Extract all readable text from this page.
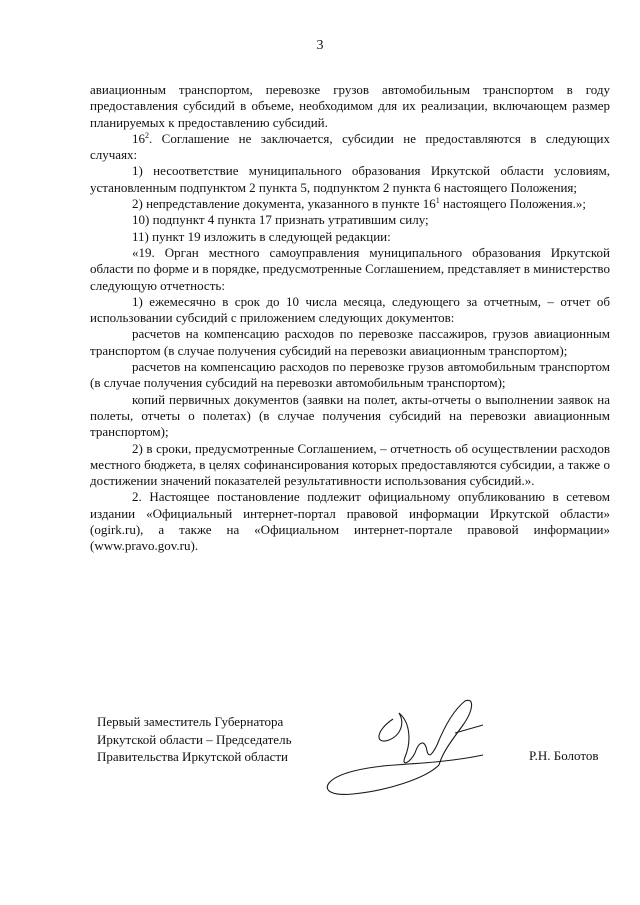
3

авиационным транспортом, перевозке грузов автомобильным транспортом в году предоставления субсидий в объеме, необходимом для их реализации, включающем размер планируемых к предоставлению субсидий.

$16^2$. Соглашение не заключается, субсидии не предоставляются в следующих случаях:

1) несоответствие муниципального образования Иркутской области условиям, установленным подпунктом 2 пункта 5, подпунктом 2 пункта 6 настоящего Положения;

2) непредставление документа, указанного в пункте $16^1$ настоящего Положения.»;

10) подпункт 4 пункта 17 признать утратившим силу;

11) пункт 19 изложить в следующей редакции:

«19. Орган местного самоуправления муниципального образования Иркутской области по форме и в порядке, предусмотренные Соглашением, представляет в министерство следующую отчетность:

1) ежемесячно в срок до 10 числа месяца, следующего за отчетным, – отчет об использовании субсидий с приложением следующих документов:

расчетов на компенсацию расходов по перевозке пассажиров, грузов авиационным транспортом (в случае получения субсидий на перевозки авиационным транспортом);

расчетов на компенсацию расходов по перевозке грузов автомобильным транспортом (в случае получения субсидий на перевозки автомобильным транспортом);

копий первичных документов (заявки на полет, акты-отчеты о выполнении заявок на полеты, отчеты о полетах) (в случае получения субсидий на перевозки авиационным транспортом);

2) в сроки, предусмотренные Соглашением, – отчетность об осуществлении расходов местного бюджета, в целях софинансирования которых предоставляются субсидии, а также о достижении значений показателей результативности использования субсидий.».

2. Настоящее постановление подлежит официальному опубликованию в сетевом издании «Официальный интернет-портал правовой информации Иркутской области» (ogirk.ru), а также на «Официальном интернет-портале правовой информации» (www.pravo.gov.ru).

Первый заместитель Губернатора

Иркутской области – Председатель

Правительства Иркутской области	Р.Н. Болотов
